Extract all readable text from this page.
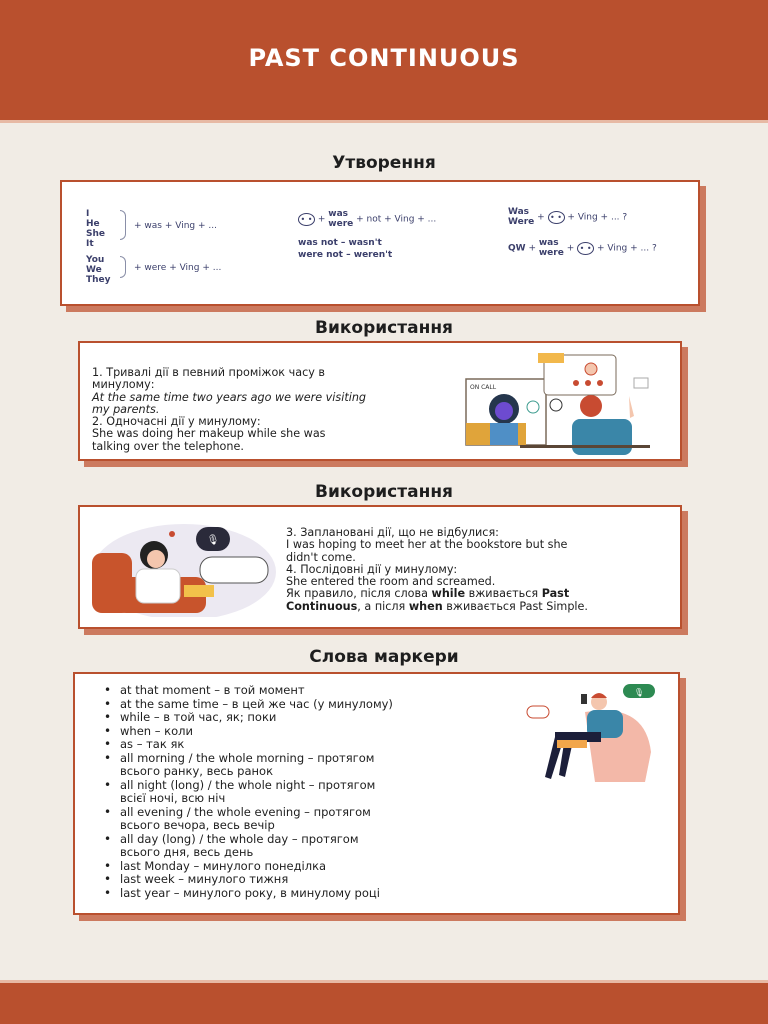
PAST CONTINUOUS
Утворення
I
He
She
It
+ was + Ving + ...
You
We
They
+ were + Ving + ...
• • +
was
were + not + Ving + ...
was not – wasn't
were not – weren't
Was
Were + • • + Ving + ... ?
QW +
was
were + • • + Ving + ... ?
Використання
1. Тривалі дії в певний проміжок часу в
минулому:
At the same time two years ago we were visiting
my parents.
2. Одночасні дії у минулому:
She was doing her makeup while she was
talking over the telephone.
ON CALL
Використання
🎙
3. Заплановані дії, що не відбулися:
I was hoping to meet her at the bookstore but she
didn't come.
4. Послідовні дії у минулому:
She entered the room and screamed.
Як правило, після слова while вживається Past
Continuous, а після when вживається Past Simple.
Слова маркери
🎙
• at that moment – в той момент
• at the same time – в цей же час (у минулому)
• while – в той час, як; поки
• when – коли
• as – так як
• all morning / the whole morning – протягом
всього ранку, весь ранок
• all night (long) / the whole night – протягом
всієї ночі, всю ніч
• all evening / the whole evening – протягом
всього вечора, весь вечір
• all day (long) / the whole day – протягом
всього дня, весь день
• last Monday – минулого понеділка
• last week – минулого тижня
• last year – минулого року, в минулому році
